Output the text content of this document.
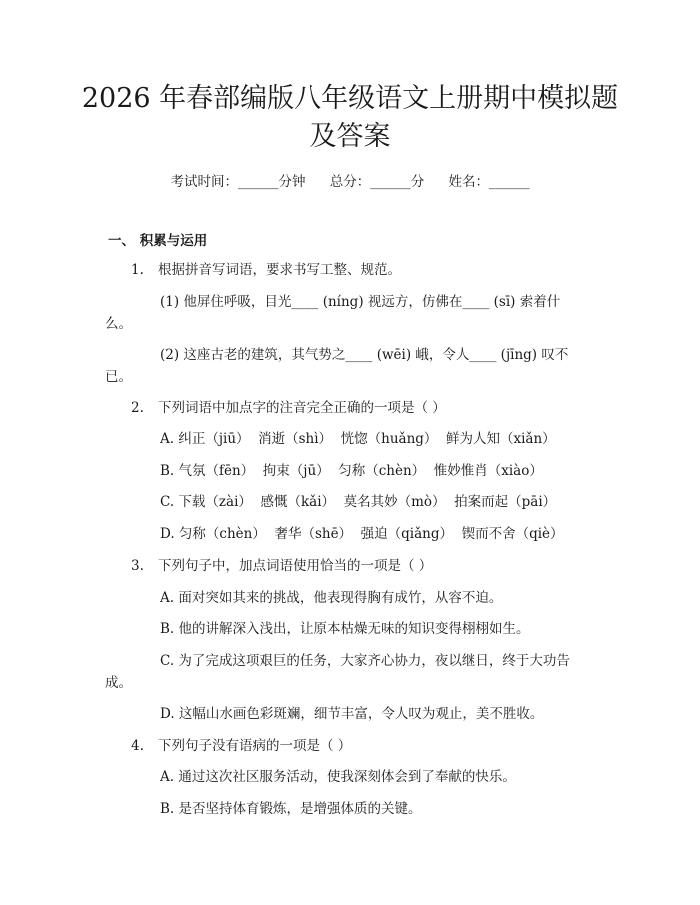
2026 年春部编版八年级语文上册期中模拟题
及答案
考试时间：______分钟 总分：______分 姓名：______
一、 积累与运用
1. 根据拼音写词语，要求书写工整、规范。
(1) 他屏住呼吸，目光____ (níng) 视远方，仿佛在____ (sī) 索着什
么。
(2) 这座古老的建筑，其气势之____ (wēi) 峨，令人____ (jīng) 叹不
已。
2. 下列词语中加点字的注音完全正确的一项是（ ）
A. 纠正（jiū）  消逝（shì）  恍惚（huǎng）  鲜为人知（xiǎn）
B. 气氛（fēn）  拘束（jū）  匀称（chèn）  惟妙惟肖（xiào）
C. 下载（zài）  感慨（kǎi）  莫名其妙（mò）  拍案而起（pāi）
D. 匀称（chèn）  奢华（shē）  强迫（qiǎng）  锲而不舍（qiè）
3. 下列句子中，加点词语使用恰当的一项是（ ）
A. 面对突如其来的挑战，他表现得胸有成竹，从容不迫。
B. 他的讲解深入浅出，让原本枯燥无味的知识变得栩栩如生。
C. 为了完成这项艰巨的任务，大家齐心协力，夜以继日，终于大功告
成。
D. 这幅山水画色彩斑斓，细节丰富，令人叹为观止，美不胜收。
4. 下列句子没有语病的一项是（ ）
A. 通过这次社区服务活动，使我深刻体会到了奉献的快乐。
B. 是否坚持体育锻炼，是增强体质的关键。
